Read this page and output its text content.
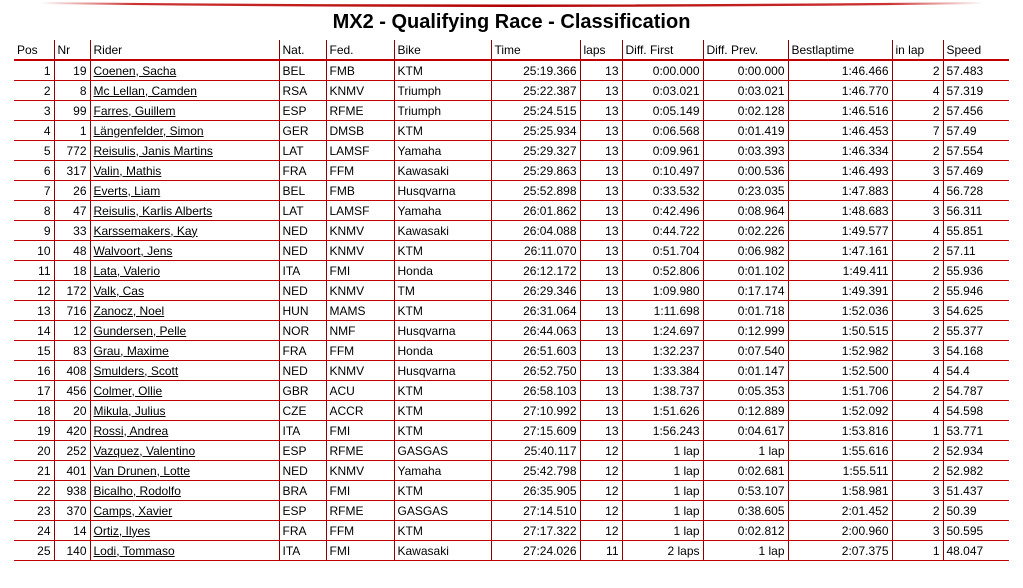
MX2 - Qualifying Race - Classification
Pos	Nr	Rider	Nat.	Fed.	Bike	Time	laps	Diff. First	Diff. Prev.	Bestlaptime	in lap	Speed
1	19	Coenen, Sacha	BEL	FMB	KTM	25:19.366	13	0:00.000	0:00.000	1:46.466	2	57.483
2	8	Mc Lellan, Camden	RSA	KNMV	Triumph	25:22.387	13	0:03.021	0:03.021	1:46.770	4	57.319
3	99	Farres, Guillem	ESP	RFME	Triumph	25:24.515	13	0:05.149	0:02.128	1:46.516	2	57.456
4	1	Längenfelder, Simon	GER	DMSB	KTM	25:25.934	13	0:06.568	0:01.419	1:46.453	7	57.49
5	772	Reisulis, Janis Martins	LAT	LAMSF	Yamaha	25:29.327	13	0:09.961	0:03.393	1:46.334	2	57.554
6	317	Valin, Mathis	FRA	FFM	Kawasaki	25:29.863	13	0:10.497	0:00.536	1:46.493	3	57.469
7	26	Everts, Liam	BEL	FMB	Husqvarna	25:52.898	13	0:33.532	0:23.035	1:47.883	4	56.728
8	47	Reisulis, Karlis Alberts	LAT	LAMSF	Yamaha	26:01.862	13	0:42.496	0:08.964	1:48.683	3	56.311
9	33	Karssemakers, Kay	NED	KNMV	Kawasaki	26:04.088	13	0:44.722	0:02.226	1:49.577	4	55.851
10	48	Walvoort, Jens	NED	KNMV	KTM	26:11.070	13	0:51.704	0:06.982	1:47.161	2	57.11
11	18	Lata, Valerio	ITA	FMI	Honda	26:12.172	13	0:52.806	0:01.102	1:49.411	2	55.936
12	172	Valk, Cas	NED	KNMV	TM	26:29.346	13	1:09.980	0:17.174	1:49.391	2	55.946
13	716	Zanocz, Noel	HUN	MAMS	KTM	26:31.064	13	1:11.698	0:01.718	1:52.036	3	54.625
14	12	Gundersen, Pelle	NOR	NMF	Husqvarna	26:44.063	13	1:24.697	0:12.999	1:50.515	2	55.377
15	83	Grau, Maxime	FRA	FFM	Honda	26:51.603	13	1:32.237	0:07.540	1:52.982	3	54.168
16	408	Smulders, Scott	NED	KNMV	Husqvarna	26:52.750	13	1:33.384	0:01.147	1:52.500	4	54.4
17	456	Colmer, Ollie	GBR	ACU	KTM	26:58.103	13	1:38.737	0:05.353	1:51.706	2	54.787
18	20	Mikula, Julius	CZE	ACCR	KTM	27:10.992	13	1:51.626	0:12.889	1:52.092	4	54.598
19	420	Rossi, Andrea	ITA	FMI	KTM	27:15.609	13	1:56.243	0:04.617	1:53.816	1	53.771
20	252	Vazquez, Valentino	ESP	RFME	GASGAS	25:40.117	12	1 lap	1 lap	1:55.616	2	52.934
21	401	Van Drunen, Lotte	NED	KNMV	Yamaha	25:42.798	12	1 lap	0:02.681	1:55.511	2	52.982
22	938	Bicalho, Rodolfo	BRA	FMI	KTM	26:35.905	12	1 lap	0:53.107	1:58.981	3	51.437
23	370	Camps, Xavier	ESP	RFME	GASGAS	27:14.510	12	1 lap	0:38.605	2:01.452	2	50.39
24	14	Ortiz, Ilyes	FRA	FFM	KTM	27:17.322	12	1 lap	0:02.812	2:00.960	3	50.595
25	140	Lodi, Tommaso	ITA	FMI	Kawasaki	27:24.026	11	2 laps	1 lap	2:07.375	1	48.047
